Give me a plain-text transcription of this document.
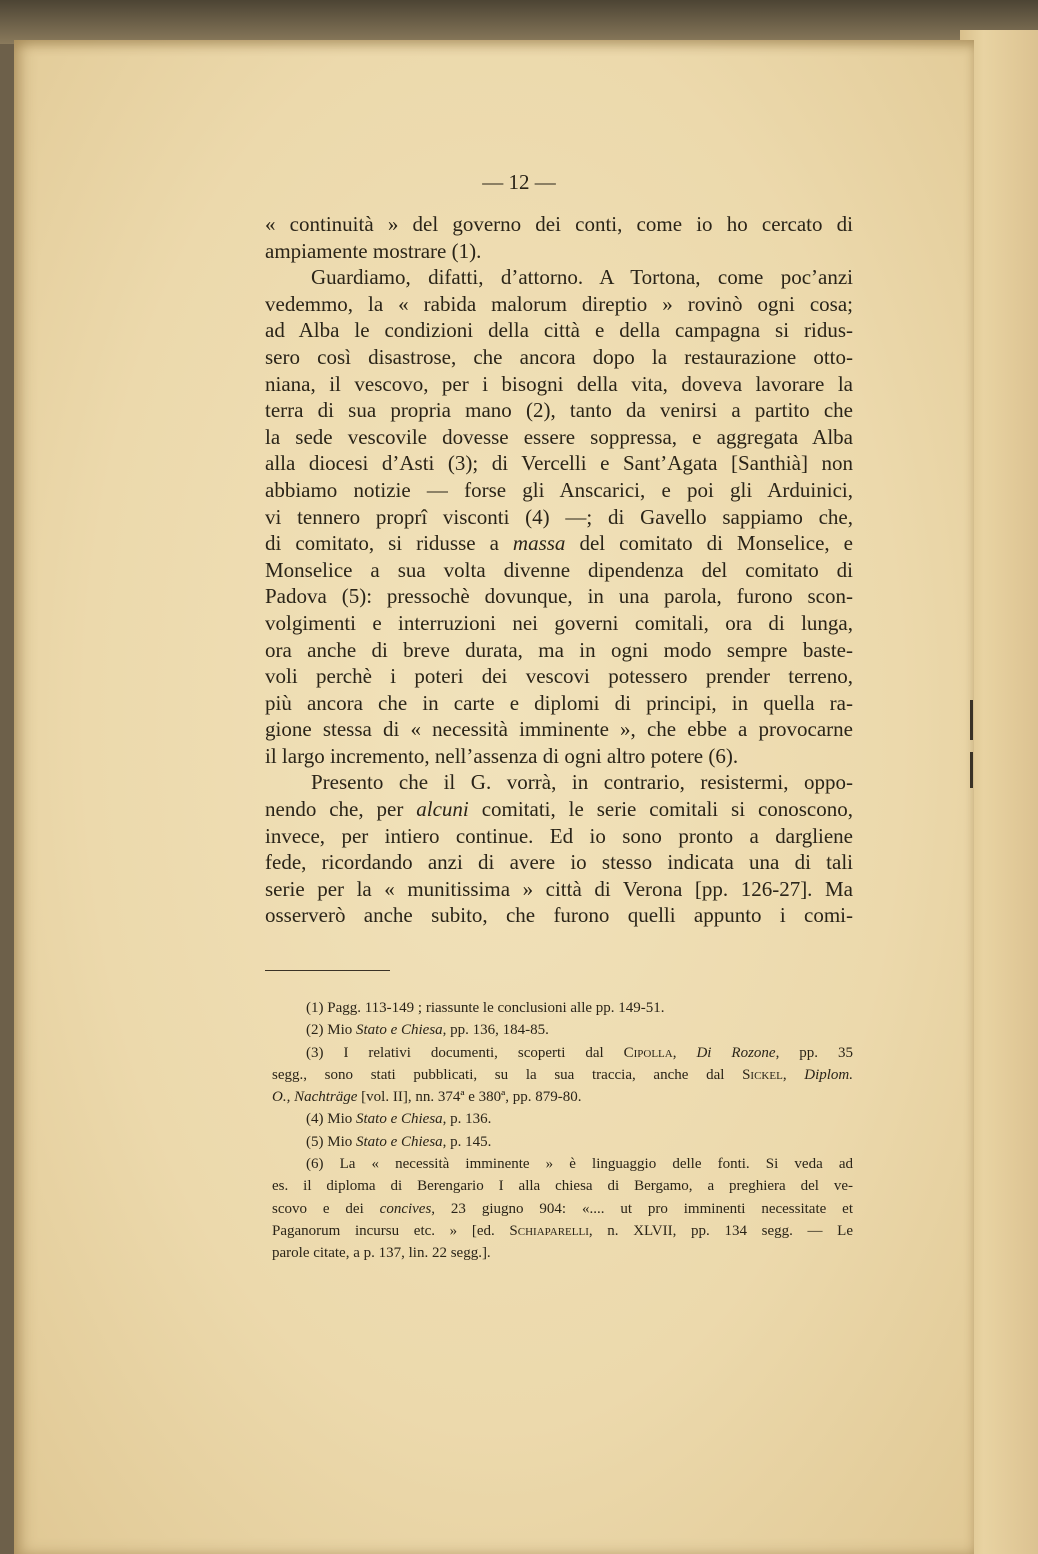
— 12 —
« continuità » del governo dei conti, come io ho cercato di
ampiamente mostrare (1).
Guardiamo, difatti, d’attorno. A Tortona, come poc’anzi
vedemmo, la « rabida malorum direptio » rovinò ogni cosa;
ad Alba le condizioni della città e della campagna si ridus-
sero così disastrose, che ancora dopo la restaurazione otto-
niana, il vescovo, per i bisogni della vita, doveva lavorare la
terra di sua propria mano (2), tanto da venirsi a partito che
la sede vescovile dovesse essere soppressa, e aggregata Alba
alla diocesi d’Asti (3); di Vercelli e Sant’Agata [Santhià] non
abbiamo notizie — forse gli Anscarici, e poi gli Arduinici,
vi tennero proprî visconti (4) —; di Gavello sappiamo che,
di comitato, si ridusse a massa del comitato di Monselice, e
Monselice a sua volta divenne dipendenza del comitato di
Padova (5): pressochè dovunque, in una parola, furono scon-
volgimenti e interruzioni nei governi comitali, ora di lunga,
ora anche di breve durata, ma in ogni modo sempre baste-
voli perchè i poteri dei vescovi potessero prender terreno,
più ancora che in carte e diplomi di principi, in quella ra-
gione stessa di « necessità imminente », che ebbe a provocarne
il largo incremento, nell’assenza di ogni altro potere (6).
Presento che il G. vorrà, in contrario, resistermi, oppo-
nendo che, per alcuni comitati, le serie comitali si conoscono,
invece, per intiero continue. Ed io sono pronto a dargliene
fede, ricordando anzi di avere io stesso indicata una di tali
serie per la « munitissima » città di Verona [pp. 126-27]. Ma
osserverò anche subito, che furono quelli appunto i comi-
(1) Pagg. 113-149 ; riassunte le conclusioni alle pp. 149-51.
(2) Mio Stato e Chiesa, pp. 136, 184-85.
(3) I relativi documenti, scoperti dal Cipolla, Di Rozone, pp. 35
segg., sono stati pubblicati, su la sua traccia, anche dal Sickel, Diplom.
O., Nachträge [vol. II], nn. 374ª e 380ª, pp. 879-80.
(4) Mio Stato e Chiesa, p. 136.
(5) Mio Stato e Chiesa, p. 145.
(6) La « necessità imminente » è linguaggio delle fonti. Si veda ad
es. il diploma di Berengario I alla chiesa di Bergamo, a preghiera del ve-
scovo e dei concives, 23 giugno 904: «.... ut pro imminenti necessitate et
Paganorum incursu etc. » [ed. Schiaparelli, n. XLVII, pp. 134 segg. — Le
parole citate, a p. 137, lin. 22 segg.].
